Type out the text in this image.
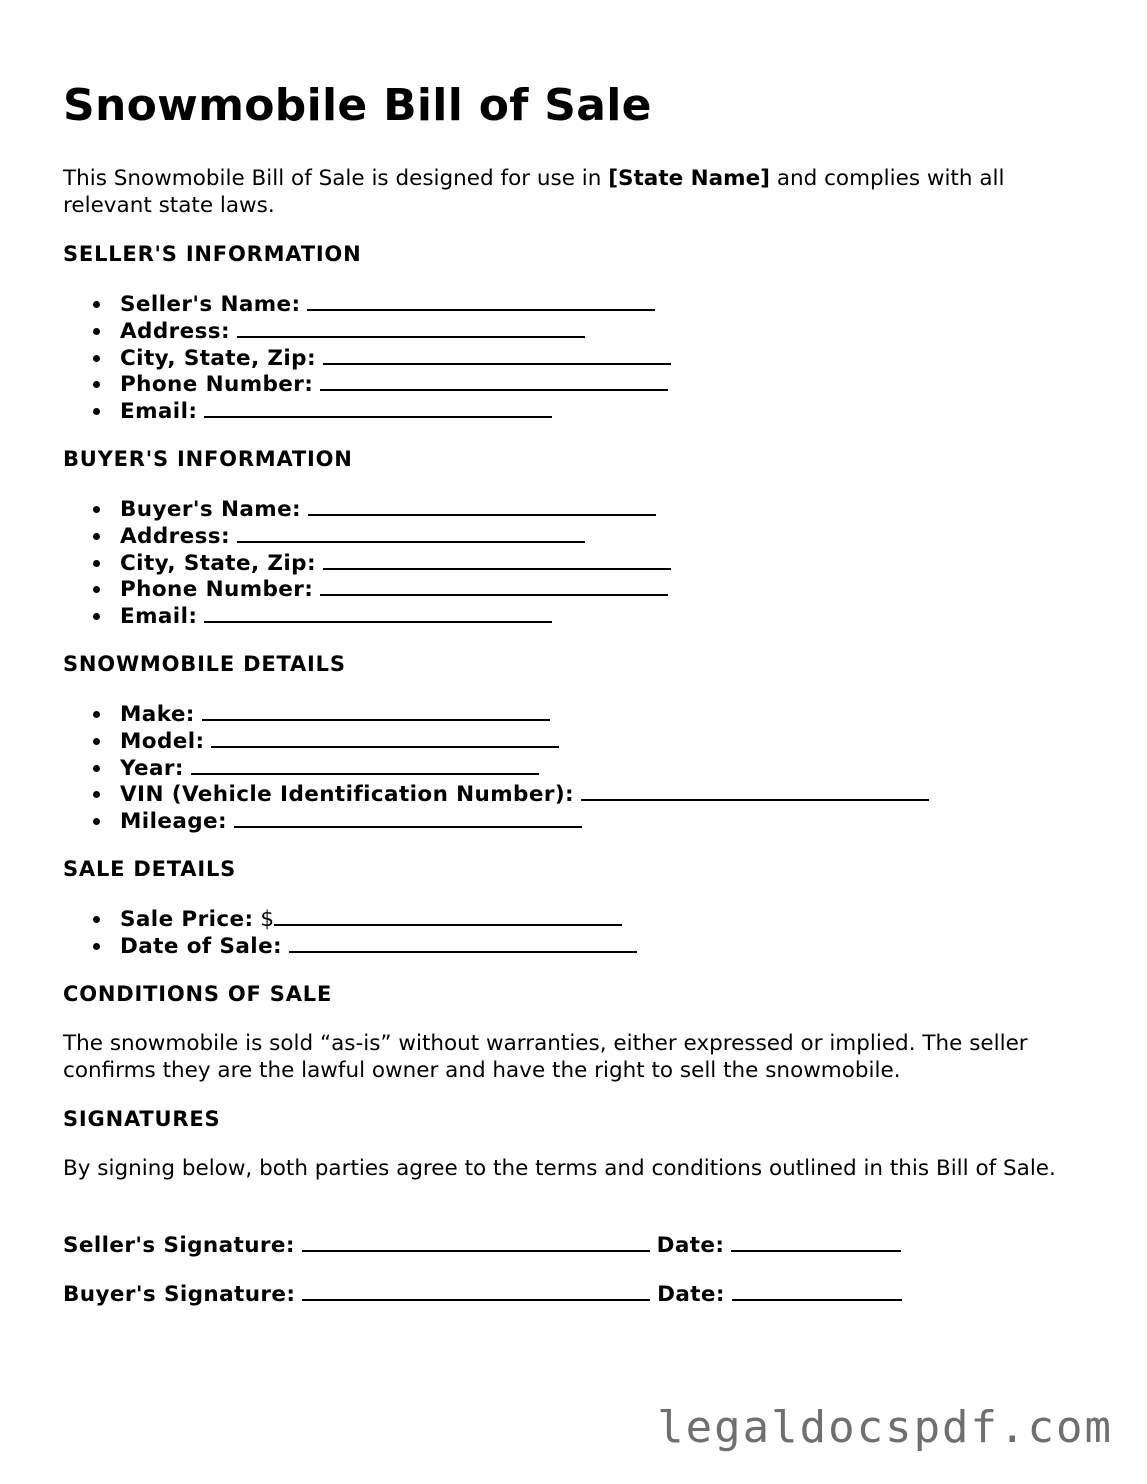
Snowmobile Bill of Sale
This Snowmobile Bill of Sale is designed for use in [State Name] and complies with all relevant state laws.
SELLER'S INFORMATION
Seller's Name:
Address:
City, State, Zip:
Phone Number:
Email:
BUYER'S INFORMATION
Buyer's Name:
Address:
City, State, Zip:
Phone Number:
Email:
SNOWMOBILE DETAILS
Make:
Model:
Year:
VIN (Vehicle Identification Number):
Mileage:
SALE DETAILS
Sale Price: $
Date of Sale:
CONDITIONS OF SALE
The snowmobile is sold “as-is” without warranties, either expressed or implied. The seller confirms they are the lawful owner and have the right to sell the snowmobile.
SIGNATURES
By signing below, both parties agree to the terms and conditions outlined in this Bill of Sale.
Seller's Signature:	Date:
Buyer's Signature:	Date:
legaldocspdf.com
